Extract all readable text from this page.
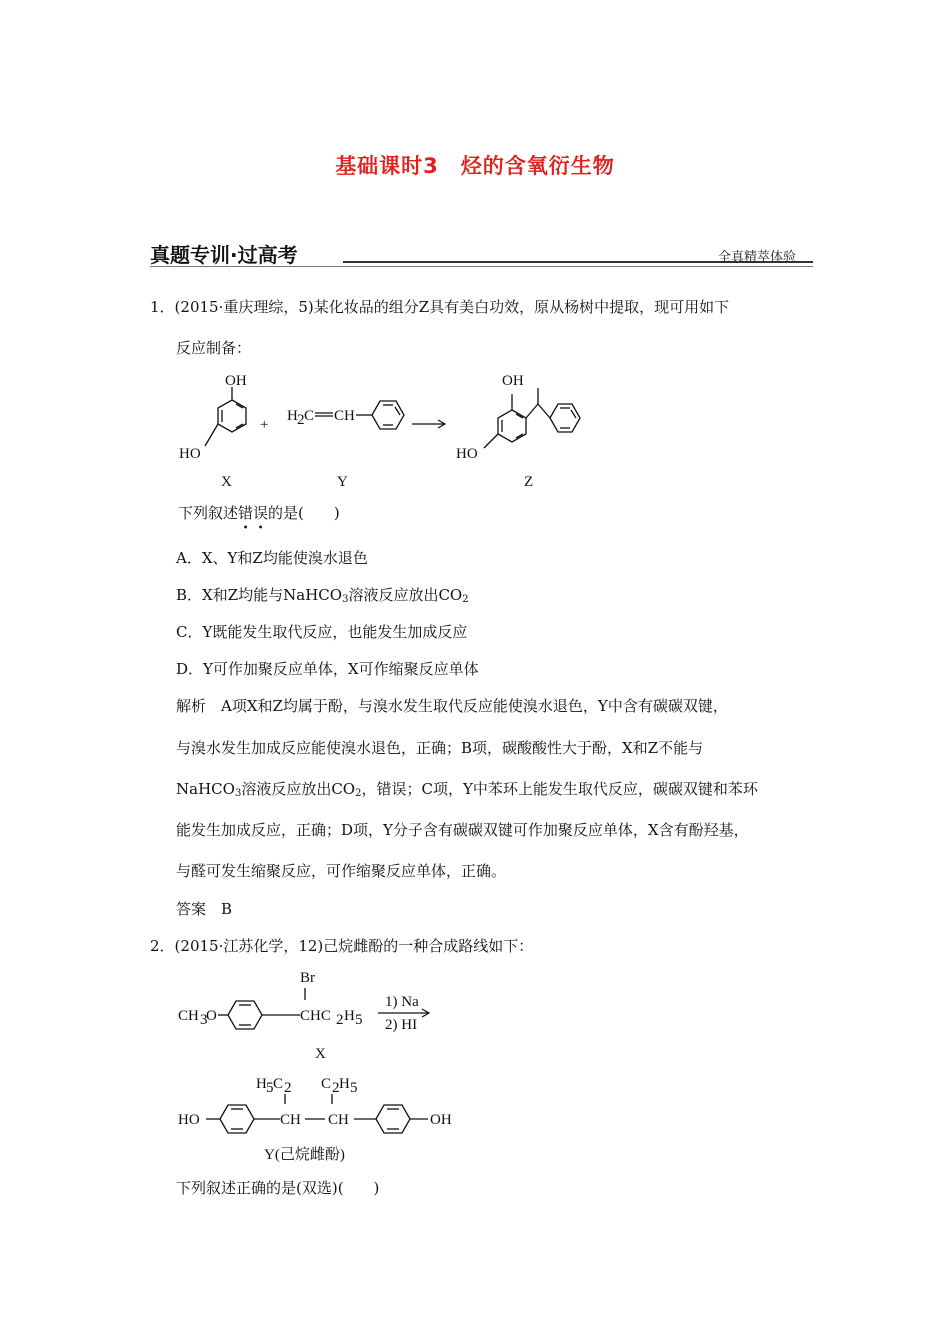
基础课时3　烃的含氧衍生物
真题专训·过高考	全真精萃体验
1．(2015·重庆理综，5)某化妆品的组分Z具有美白功效，原从杨树中提取，现可用如下
反应制备：
OH
HO
X
+
H 2 C CH
Y
OH
HO
Z
下列叙述错误的是(　　)
A．X、Y和Z均能使溴水退色
B．X和Z均能与NaHCO$_3$溶液反应放出$CO_2$
C．Y既能发生取代反应，也能发生加成反应
D．Y可作加聚反应单体，X可作缩聚反应单体
解析　A项X和Z均属于酚，与溴水发生取代反应能使溴水退色，Y中含有碳碳双键，
与溴水发生加成反应能使溴水退色，正确；B项，碳酸酸性大于酚，X和Z不能与
NaHCO$_3$溶液反应放出$CO_2$，错误；C项，Y中苯环上能发生取代反应，碳碳双键和苯环
能发生加成反应，正确；D项，Y分子含有碳碳双键可作加聚反应单体，X含有酚羟基，
与醛可发生缩聚反应，可作缩聚反应单体，正确。
答案　B
2．(2015·江苏化学，12)己烷雌酚的一种合成路线如下：
Br
CH 3
O	CHC 2 H 5
1) Na
2) HI
X
H 5 C 2 C 2 H 5
HO	CH CH	OH
Y(己烷雌酚)
下列叙述正确的是(双选)(　　)
